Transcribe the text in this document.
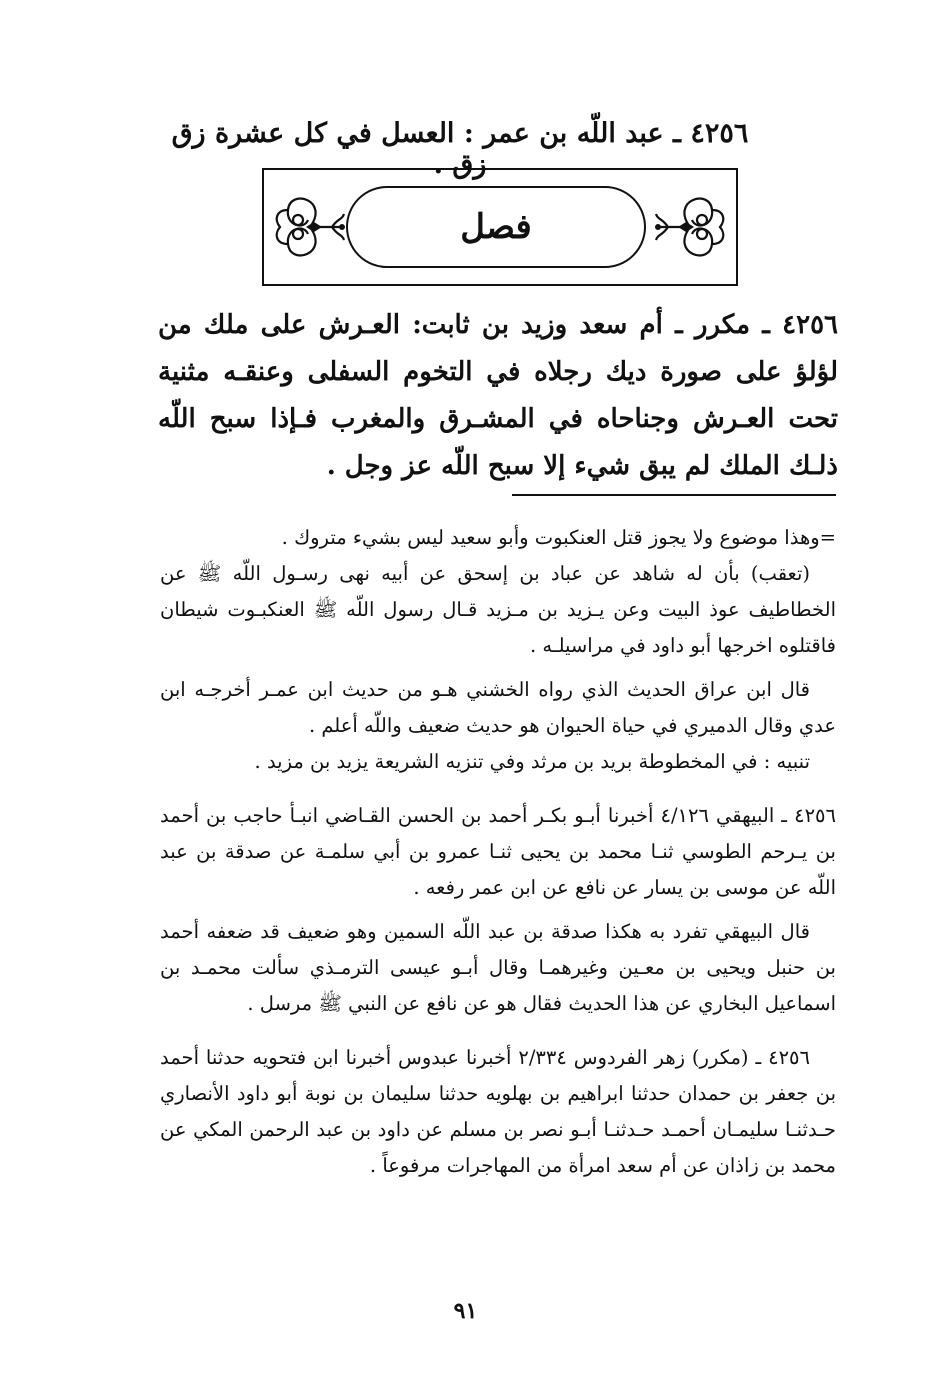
٤٢٥٦ ـ عبد اللّه بن عمر : العسل في كل عشرة زق زق .
فصل
٤٢٥٦ ـ مكرر ـ أم سعد وزيد بن ثابت: العـرش على ملك من لؤلؤ على صورة ديك رجلاه في التخوم السفلى وعنقـه مثنية تحت العـرش وجناحاه في المشـرق والمغرب فـإذا سبح اللّه ذلـك الملك لم يبق شيء إلا سبح اللّه عز وجل .

=وهذا موضوع ولا يجوز قتل العنكبوت وأبو سعيد ليس بشيء متروك .

(تعقب) بأن له شاهد عن عباد بن إسحق عن أبيه نهى رسـول اللّه ﷺ عن الخطاطيف عوذ البيت وعن يـزيد بن مـزيد قـال رسول اللّه ﷺ العنكبـوت شيطان فاقتلوه اخرجها أبو داود في مراسيلـه .

قال ابن عراق الحديث الذي رواه الخشني هـو من حديث ابن عمـر أخرجـه ابن عدي وقال الدميري في حياة الحيوان هو حديث ضعيف واللّه أعلم .

تنبيه : في المخطوطة بريد بن مرثد وفي تنزيه الشريعة يزيد بن مزيد .

٤٢٥٦ ـ البيهقي ٤/١٢٦ أخبرنا أبـو بكـر أحمد بن الحسن القـاضي انبـأ حاجب بن أحمد بن يـرحم الطوسي ثنـا محمد بن يحيى ثنـا عمرو بن أبي سلمـة عن صدقة بن عبد اللّه عن موسى بن يسار عن نافع عن ابن عمر رفعه .

قال البيهقي تفرد به هكذا صدقة بن عبد اللّه السمين وهو ضعيف قد ضعفه أحمد بن حنبل ويحيى بن معـين وغيرهمـا وقال أبـو عيسى الترمـذي سألت محمـد بن اسماعيل البخاري عن هذا الحديث فقال هو عن نافع عن النبي ﷺ مرسل .

٤٢٥٦ ـ (مكرر) زهر الفردوس ٢/٣٣٤ أخبرنا عبدوس أخبرنا ابن فتحويه حدثنا أحمد بن جعفر بن حمدان حدثنا ابراهيم بن بهلويه حدثنا سليمان بن نوبة أبو داود الأنصاري حـدثنـا سليمـان أحمـد حـدثنـا أبـو نصر بن مسلم عن داود بن عبد الرحمن المكي عن محمد بن زاذان عن أم سعد امرأة من المهاجرات مرفوعاً .

٩١
